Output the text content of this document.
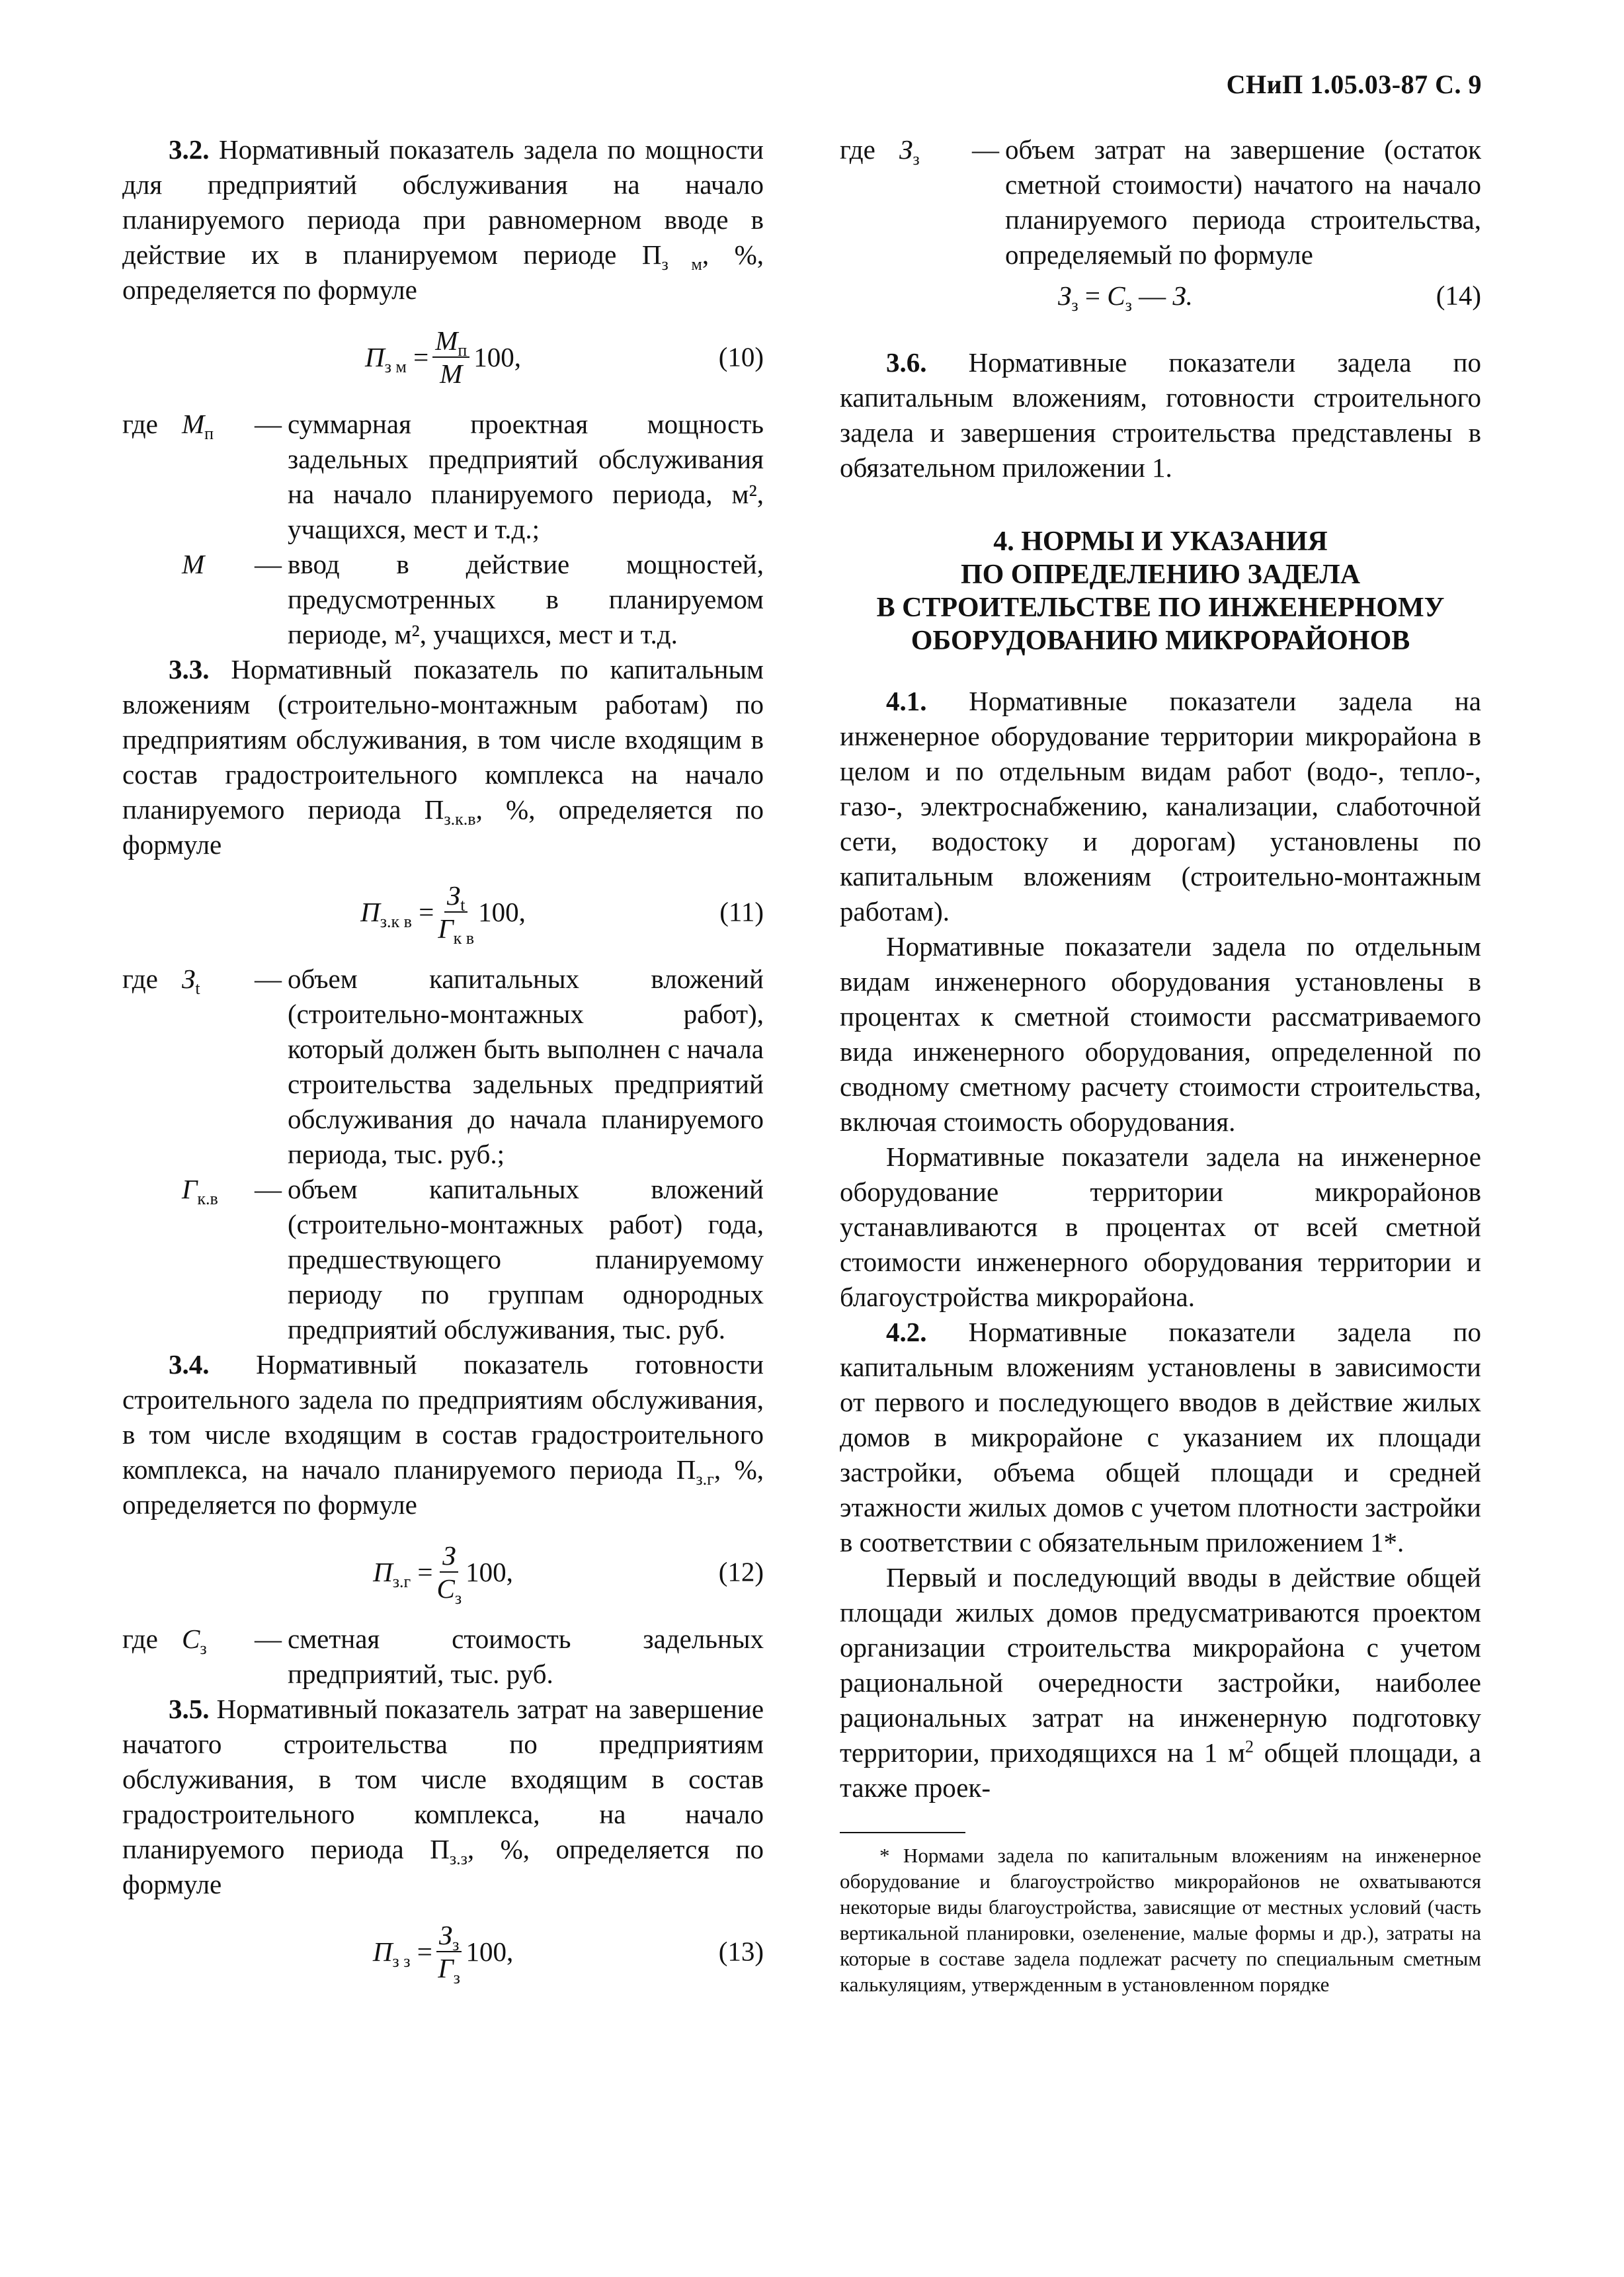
СНиП 1.05.03-87 С. 9

3.2. Нормативный показатель задела по мощности для предприятий обслуживания на начало планируемого периода при равномерном вводе в действие их в планируемом периоде $П_{з м}$, %, определяется по формуле

$П_{з м} = \frac{М_п}{М} 100$,	(10)
где $М_п$	— суммарная проектная мощность задельных предприятий обслуживания на начало планируемого периода, м², учащихся, мест и т.д.;
М	— ввод в действие мощностей, предусмотренных в планируемом периоде, м², учащихся, мест и т.д.

3.3. Нормативный показатель по капитальным вложениям (строительно-монтажным работам) по предприятиям обслуживания, в том числе входящим в состав градостроительного комплекса на начало планируемого периода $П_{з.к.в}$, %, определяется по формуле

$П_{з.к в} = \frac{З_t}{Г_{к в}} 100$,	(11)
где $З_t$	— объем капитальных вложений (строительно-монтажных работ), который должен быть выполнен с начала строительства задельных предприятий обслуживания до начала планируемого периода, тыс. руб.;
$Г_{к.в}$	— объем капитальных вложений (строительно-монтажных работ) года, предшествующего планируемому периоду по группам однородных предприятий обслуживания, тыс. руб.

3.4. Нормативный показатель готовности строительного задела по предприятиям обслуживания, в том числе входящим в состав градостроительного комплекса, на начало планируемого периода $П_{з.г}$, %, определяется по формуле

$П_{з.г} = \frac{З}{С_з} 100$,	(12)
где $С_з$	— сметная стоимость задельных предприятий, тыс. руб.

3.5. Нормативный показатель затрат на завершение начатого строительства по предприятиям обслуживания, в том числе входящим в состав градостроительного комплекса, на начало планируемого периода $П_{з.з}$, %, определяется по формуле

$П_{з з} = \frac{З_з}{Г_з} 100$,	(13)
где $З_з$	— объем затрат на завершение (остаток сметной стоимости) начатого на начало планируемого периода строительства, определяемый по формуле
$З_з = С_з$ — З.	(14)

3.6. Нормативные показатели задела по капитальным вложениям, готовности строительного задела и завершения строительства представлены в обязательном приложении 1.

4. НОРМЫ И УКАЗАНИЯ
ПО ОПРЕДЕЛЕНИЮ ЗАДЕЛА
В СТРОИТЕЛЬСТВЕ ПО ИНЖЕНЕРНОМУ
ОБОРУДОВАНИЮ МИКРОРАЙОНОВ

4.1. Нормативные показатели задела на инженерное оборудование территории микрорайона в целом и по отдельным видам работ (водо-, тепло-, газо-, электроснабжению, канализации, слаботочной сети, водостоку и дорогам) установлены по капитальным вложениям (строительно-монтажным работам).

Нормативные показатели задела по отдельным видам инженерного оборудования установлены в процентах к сметной стоимости рассматриваемого вида инженерного оборудования, определенной по сводному сметному расчету стоимости строительства, включая стоимость оборудования.

Нормативные показатели задела на инженерное оборудование территории микрорайонов устанавливаются в процентах от всей сметной стоимости инженерного оборудования территории и благоустройства микрорайона.

4.2. Нормативные показатели задела по капитальным вложениям установлены в зависимости от первого и последующего вводов в действие жилых домов в микрорайоне с указанием их площади застройки, объема общей площади и средней этажности жилых домов с учетом плотности застройки в соответствии с обязательным приложением 1*.

Первый и последующий вводы в действие общей площади жилых домов предусматриваются проектом организации строительства микрорайона с учетом рациональной очередности застройки, наиболее рациональных затрат на инженерную подготовку территории, приходящихся на 1 $м^2$ общей площади, а также проек-

* Нормами задела по капитальным вложениям на инженерное оборудование и благоустройство микрорайонов не охватываются некоторые виды благоустройства, зависящие от местных условий (часть вертикальной планировки, озеленение, малые формы и др.), затраты на которые в составе задела подлежат расчету по специальным сметным калькуляциям, утвержденным в установленном порядке
